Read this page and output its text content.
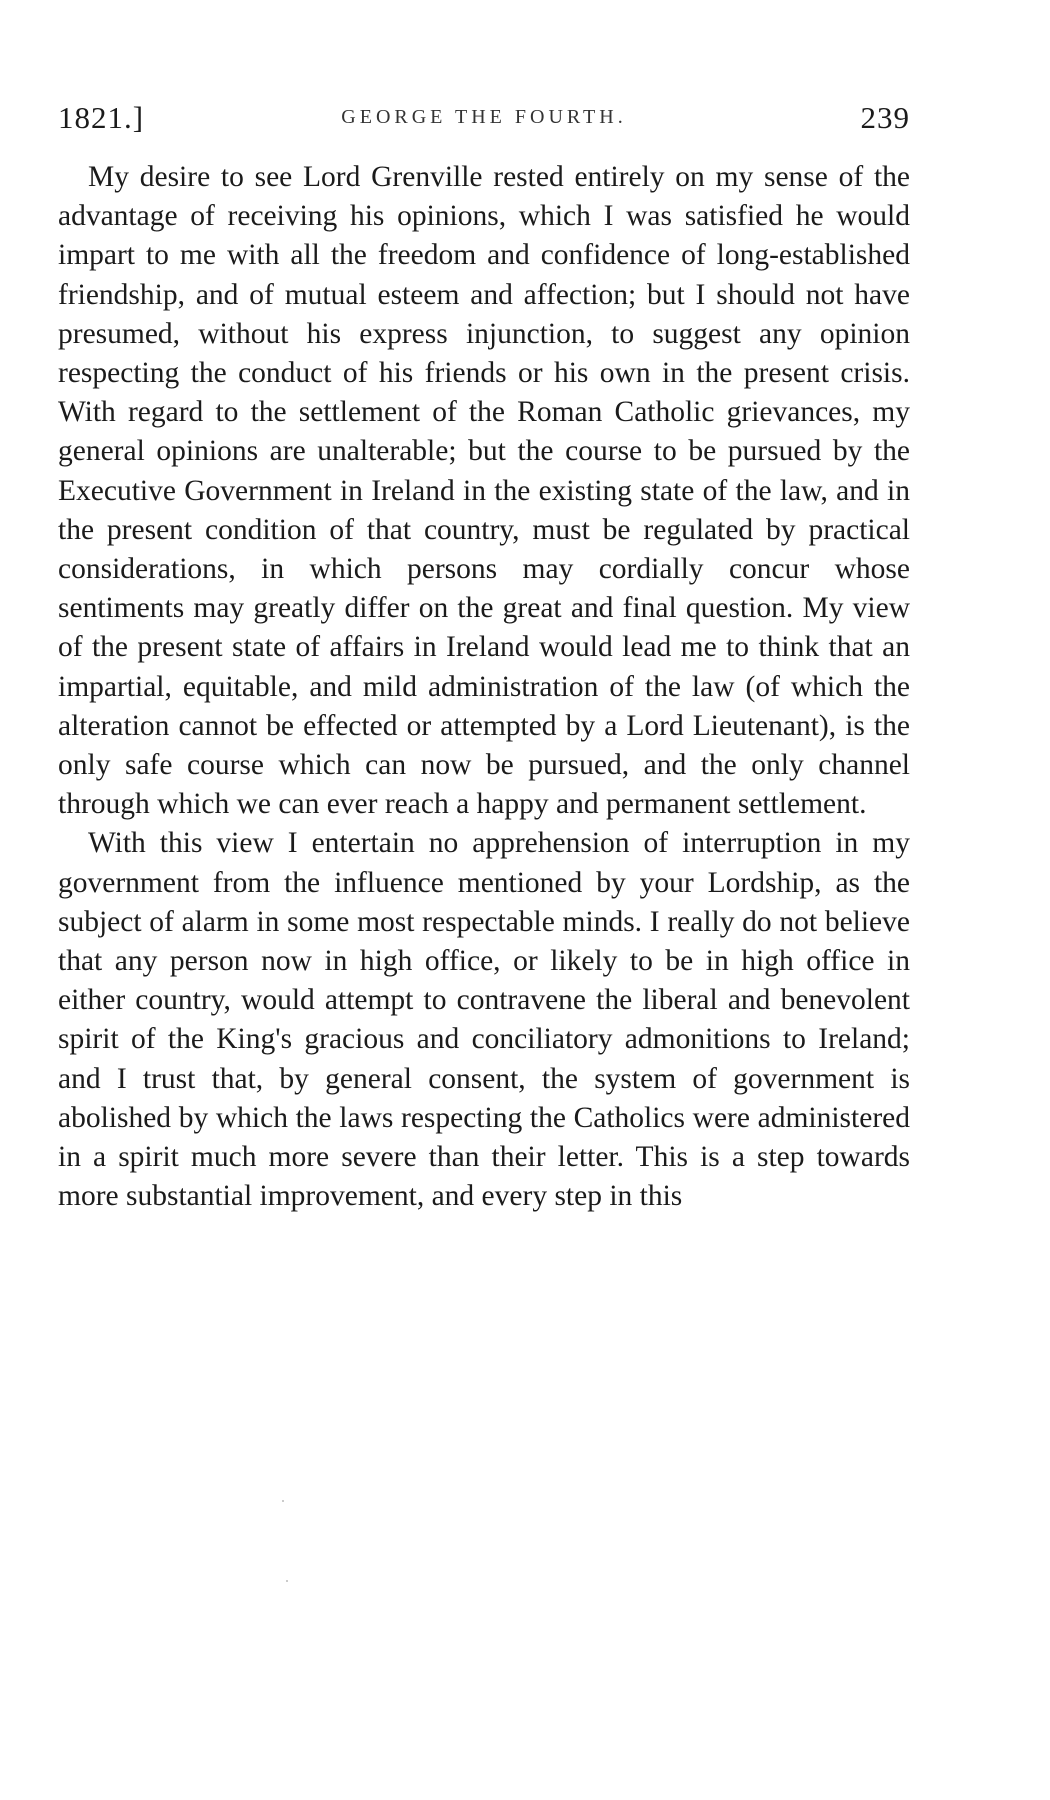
1821.]	GEORGE THE FOURTH.	239

My desire to see Lord Grenville rested entirely on my sense of the advantage of receiving his opinions, which I was satisfied he would impart to me with all the freedom and confidence of long-established friendship, and of mutual esteem and affection; but I should not have presumed, without his express injunction, to suggest any opinion respecting the conduct of his friends or his own in the present crisis. With regard to the settlement of the Roman Catholic grievances, my general opinions are unalterable; but the course to be pursued by the Executive Government in Ireland in the existing state of the law, and in the present condition of that country, must be regulated by practical considerations, in which persons may cordially concur whose sentiments may greatly differ on the great and final question. My view of the present state of affairs in Ireland would lead me to think that an impartial, equitable, and mild administration of the law (of which the alteration cannot be effected or attempted by a Lord Lieutenant), is the only safe course which can now be pursued, and the only channel through which we can ever reach a happy and permanent settlement.

With this view I entertain no apprehension of interruption in my government from the influence mentioned by your Lordship, as the subject of alarm in some most respectable minds. I really do not believe that any person now in high office, or likely to be in high office in either country, would attempt to contravene the liberal and benevolent spirit of the King's gracious and conciliatory admonitions to Ireland; and I trust that, by general consent, the system of government is abolished by which the laws respecting the Catholics were administered in a spirit much more severe than their letter. This is a step towards more substantial improvement, and every step in this
